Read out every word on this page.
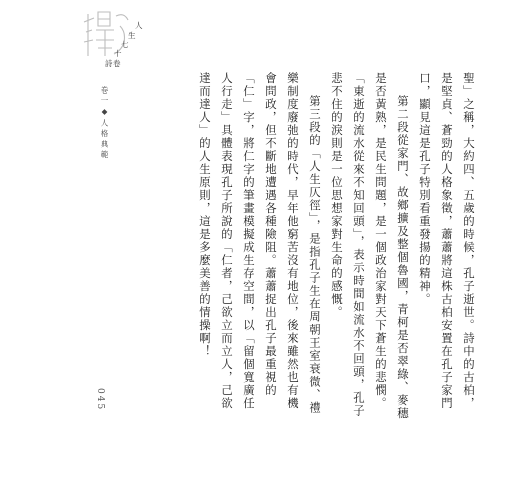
人
生
七
十
詩 卷
卷一◆人格典範	聖」之稱，大約四、五歲的時候，孔子逝世。詩中的古柏，是堅貞、蒼勁的人格象徵，蕭蕭將這株古柏安置在孔子家門口，顯見這是孔子特別看重發揚的精神。

第二段從家門、故鄉擴及整個魯國，青柯是否翠綠、麥穗是否黃熟，是民生問題，是一個政治家對天下蒼生的悲憫。「東逝的流水從來不知回頭」，表示時間如流水不回頭，孔子悲不住的淚則是一位思想家對生命的感慨。

第三段的「人生仄徑」，是指孔子生在周朝王室衰微、禮樂制度廢弛的時代，早年他窮苦沒有地位，後來雖然也有機會問政，但不斷地遭遇各種險阻。蕭蕭捉出孔子最重視的「仁」字，將仁字的筆畫模擬成生存空間，以「留個寬廣任人行走」具體表現孔子所說的「仁者，己欲立而立人，己欲達而達人」的人生原則，這是多麼美善的情操啊！

045
